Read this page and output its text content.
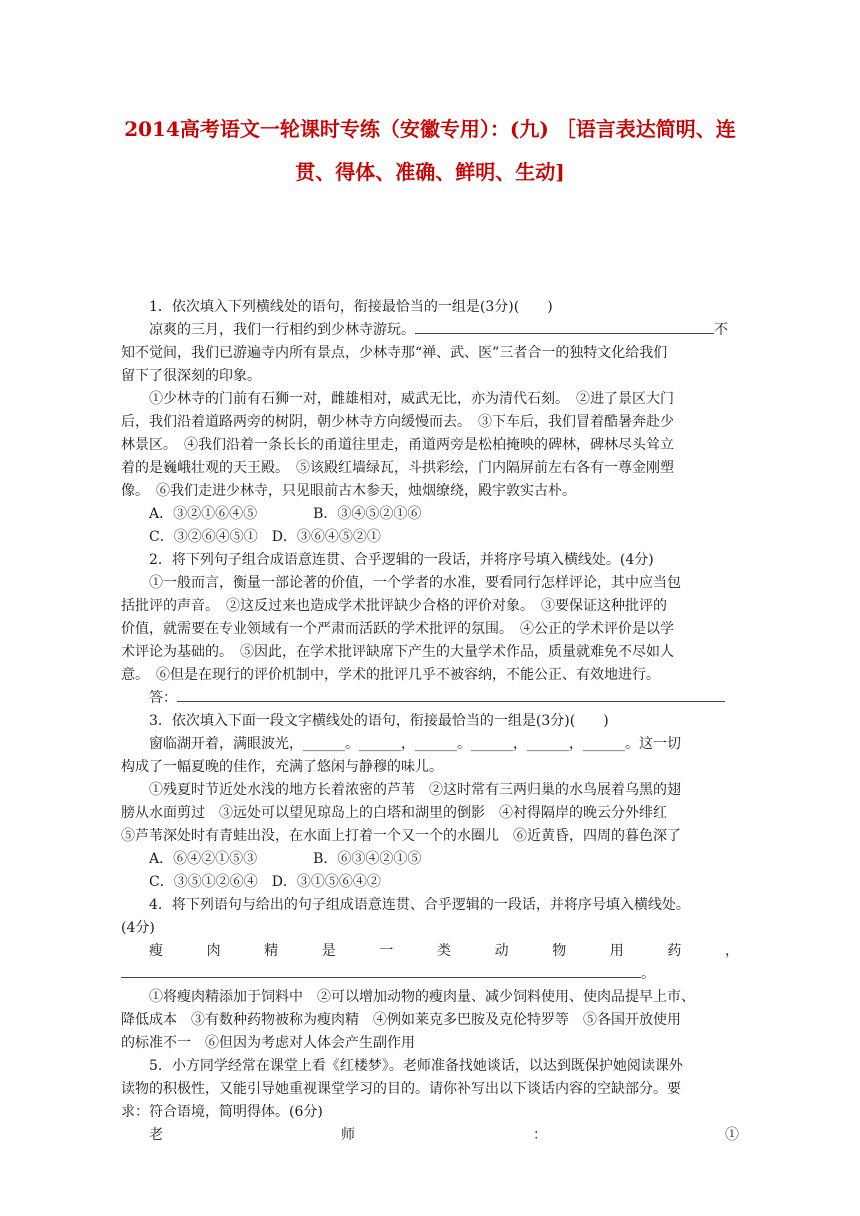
2014高考语文一轮课时专练（安徽专用）：(九) ［语言表达简明、连
贯、得体、准确、鲜明、生动]
1．依次填入下列横线处的语句，衔接最恰当的一组是(3分)(　　)
凉爽的三月，我们一行相约到少林寺游玩。	不
知不觉间，我们已游遍寺内所有景点，少林寺那“禅、武、医”三者合一的独特文化给我们
留下了很深刻的印象。
①少林寺的门前有石狮一对，雌雄相对，威武无比，亦为清代石刻。　②进了景区大门
后，我们沿着道路两旁的树阴，朝少林寺方向缓慢而去。　③下车后，我们冒着酷暑奔赴少
林景区。　④我们沿着一条长长的甬道往里走，甬道两旁是松柏掩映的碑林，碑林尽头耸立
着的是巍峨壮观的天王殿。　⑤该殿红墙绿瓦，斗拱彩绘，门内隔屏前左右各有一尊金刚塑
像。　⑥我们走进少林寺，只见眼前古木参天，烛烟缭绕，殿宇敦实古朴。
A．③②①⑥④⑤　　　　B．③④⑤②①⑥
C．③②⑥④⑤①　D．③⑥④⑤②①
2．将下列句子组合成语意连贯、合乎逻辑的一段话，并将序号填入横线处。(4分)
①一般而言，衡量一部论著的价值，一个学者的水准，要看同行怎样评论，其中应当包
括批评的声音。　②这反过来也造成学术批评缺少合格的评价对象。　③要保证这种批评的
价值，就需要在专业领域有一个严肃而活跃的学术批评的氛围。　④公正的学术评价是以学
术评论为基础的。　⑤因此，在学术批评缺席下产生的大量学术作品，质量就难免不尽如人
意。　⑥但是在现行的评价机制中，学术的批评几乎不被容纳，不能公正、有效地进行。
答：
3．依次填入下面一段文字横线处的语句，衔接最恰当的一组是(3分)(　　)
窗临湖开着，满眼波光，______。______，______。______，______，______。这一切
构成了一幅夏晚的佳作，充满了悠闲与静穆的味儿。
①残夏时节近处水浅的地方长着浓密的芦苇　②这时常有三两归巢的水鸟展着乌黑的翅
膀从水面剪过　③远处可以望见琼岛上的白塔和湖里的倒影　④衬得隔岸的晚云分外绯红
⑤芦苇深处时有青蛙出没，在水面上打着一个又一个的水圈儿　⑥近黄昏，四周的暮色深了
A．⑥④②①⑤③　　　　B．⑥③④②①⑤
C．③⑤①②⑥④　D．③①⑤⑥④②
4．将下列语句与给出的句子组成语意连贯、合乎逻辑的一段话，并将序号填入横线处。
(4分)
瘦肉精是一类动物用药，
。
①将瘦肉精添加于饲料中　②可以增加动物的瘦肉量、减少饲料使用、使肉品提早上市、
降低成本　③有数种药物被称为瘦肉精　④例如莱克多巴胺及克伦特罗等　⑤各国开放使用
的标准不一　⑥但因为考虑对人体会产生副作用
5．小方同学经常在课堂上看《红楼梦》。老师准备找她谈话，以达到既保护她阅读课外
读物的积极性，又能引导她重视课堂学习的目的。请你补写出以下谈话内容的空缺部分。要
求：符合语境，简明得体。(6分)
老师：①
